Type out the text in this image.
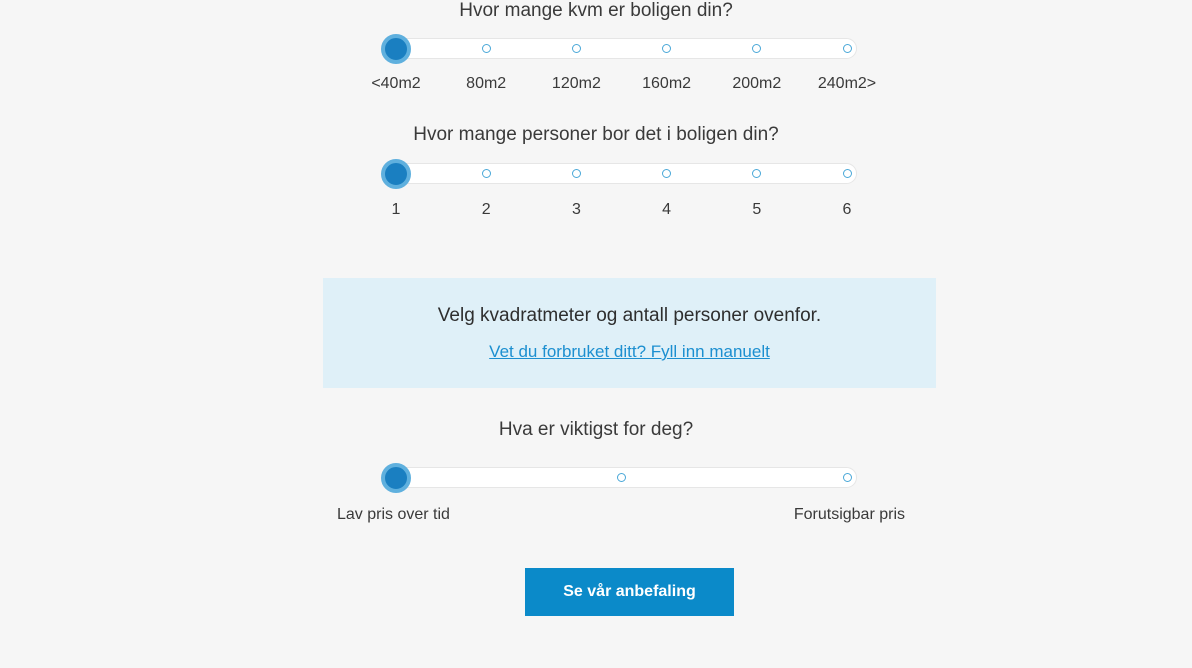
Hvor mange kvm er boligen din?
<40m2	80m2	120m2	160m2	200m2 240m2>
Hvor mange personer bor det i boligen din?
1	2	3	4	5	6
Velg kvadratmeter og antall personer ovenfor.
Vet du forbruket ditt? Fyll inn manuelt
Hva er viktigst for deg?
Lav pris over tid	Forutsigbar pris
Se vår anbefaling
